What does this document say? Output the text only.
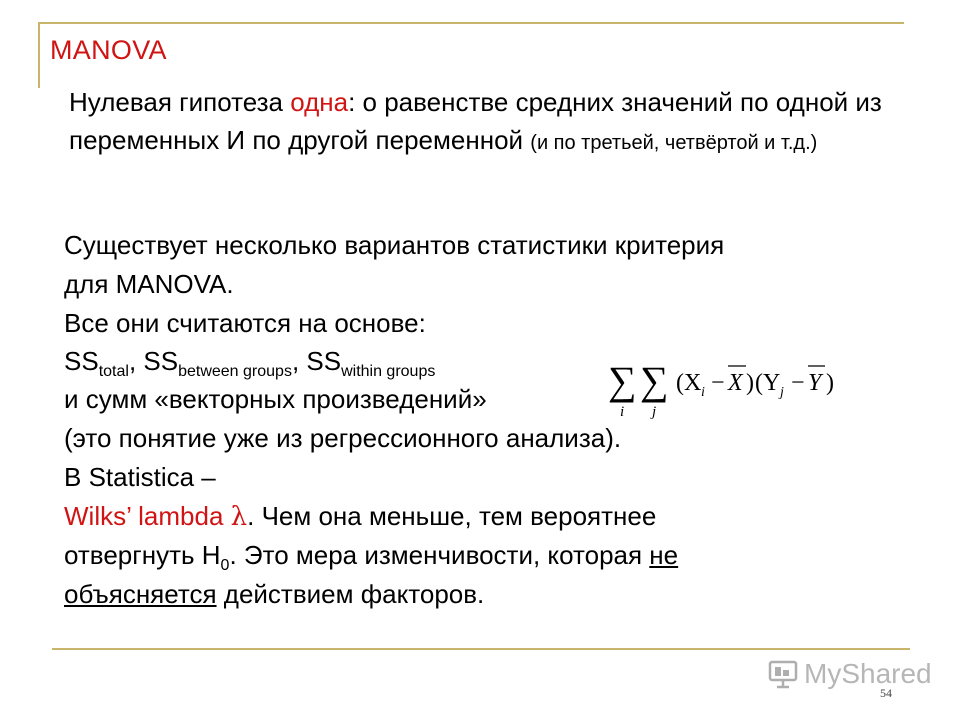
MANOVA
Нулевая гипотеза одна: о равенстве средних значений по одной из переменных И по другой переменной (и по третьей, четвёртой и т.д.)
Существует несколько вариантов статистики критерия
для MANOVA.
Все они считаются на основе:
$SS_{total}$, $SS_{between groups}$, $SS_{within groups}$
и сумм «векторных произведений»
(это понятие уже из регрессионного анализа).
В Statistica –
Wilks’ lambda λ. Чем она меньше, тем вероятнее
отвергнуть $H_0$. Это мера изменчивости, которая не
объясняется действием факторов.
∑
i
∑
j
(X i − X ) (Y j − Y )
MyShared
54
